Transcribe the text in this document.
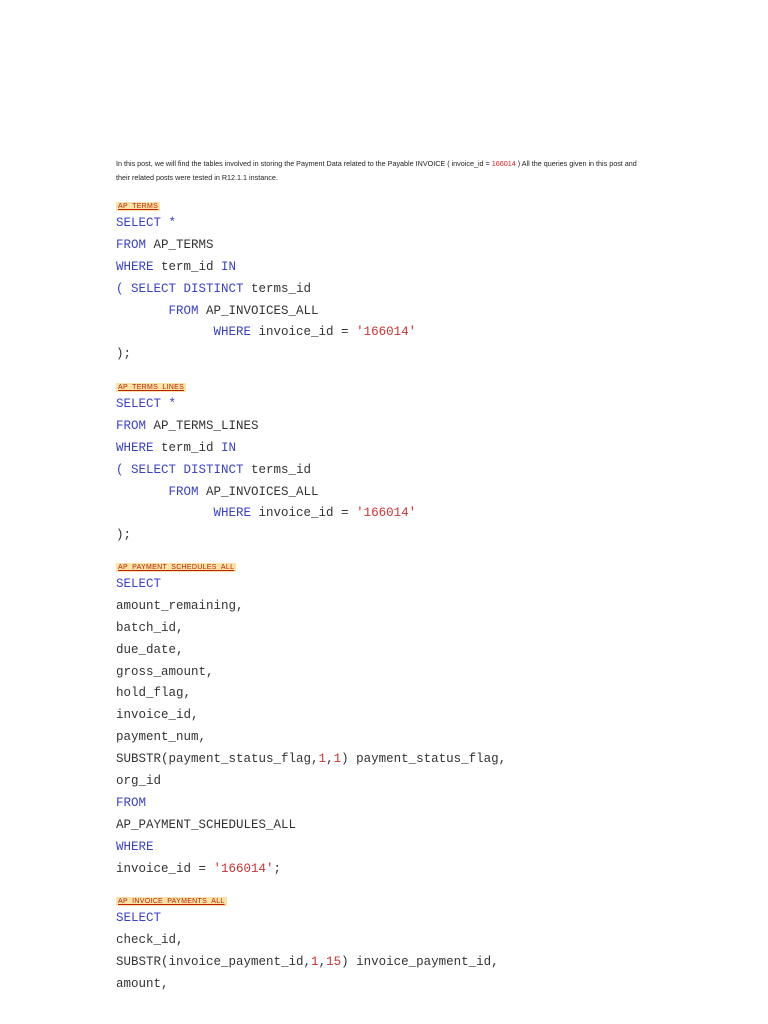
In this post, we will find the tables involved in storing the Payment Data related to the Payable INVOICE ( invoice_id = 166014 ) All the queries given in this post and their related posts were tested in R12.1.1 instance.

AP_TERMS
SELECT *
FROM AP_TERMS
WHERE term_id IN
( SELECT DISTINCT terms_id
FROM AP_INVOICES_ALL
WHERE invoice_id = '166014'
);
AP_TERMS_LINES
SELECT *
FROM AP_TERMS_LINES
WHERE term_id IN
( SELECT DISTINCT terms_id
FROM AP_INVOICES_ALL
WHERE invoice_id = '166014'
);
AP_PAYMENT_SCHEDULES_ALL
SELECT
amount_remaining,
batch_id,
due_date,
gross_amount,
hold_flag,
invoice_id,
payment_num,
SUBSTR(payment_status_flag,1,1) payment_status_flag,
org_id
FROM
AP_PAYMENT_SCHEDULES_ALL
WHERE
invoice_id = '166014';
AP_INVOICE_PAYMENTS_ALL
SELECT
check_id,
SUBSTR(invoice_payment_id,1,15) invoice_payment_id,
amount,
